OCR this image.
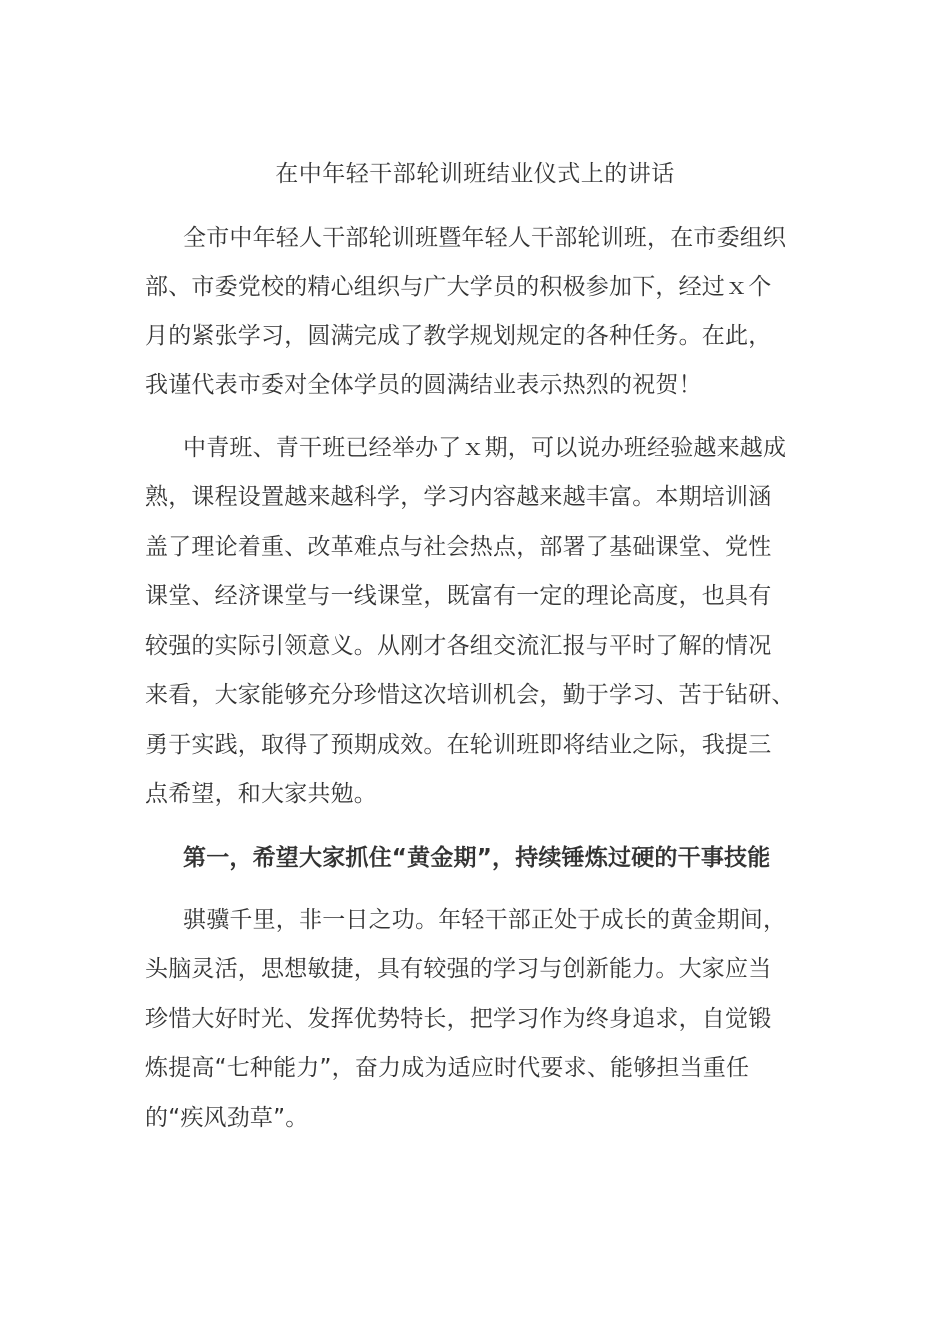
在中年轻干部轮训班结业仪式上的讲话
全市中年轻人干部轮训班暨年轻人干部轮训班，在市委组织
部、市委党校的精心组织与广大学员的积极参加下，经过ｘ个
月的紧张学习，圆满完成了教学规划规定的各种任务。在此，
我谨代表市委对全体学员的圆满结业表示热烈的祝贺！
中青班、青干班已经举办了ｘ期，可以说办班经验越来越成
熟，课程设置越来越科学，学习内容越来越丰富。本期培训涵
盖了理论着重、改革难点与社会热点，部署了基础课堂、党性
课堂、经济课堂与一线课堂，既富有一定的理论高度，也具有
较强的实际引领意义。从刚才各组交流汇报与平时了解的情况
来看，大家能够充分珍惜这次培训机会，勤于学习、苦于钻研、
勇于实践，取得了预期成效。在轮训班即将结业之际，我提三
点希望，和大家共勉。
第一，希望大家抓住“黄金期”，持续锤炼过硬的干事技能
骐骥千里，非一日之功。年轻干部正处于成长的黄金期间，
头脑灵活，思想敏捷，具有较强的学习与创新能力。大家应当
珍惜大好时光、发挥优势特长，把学习作为终身追求，自觉锻
炼提高“七种能力”，奋力成为适应时代要求、能够担当重任
的“疾风劲草”。
